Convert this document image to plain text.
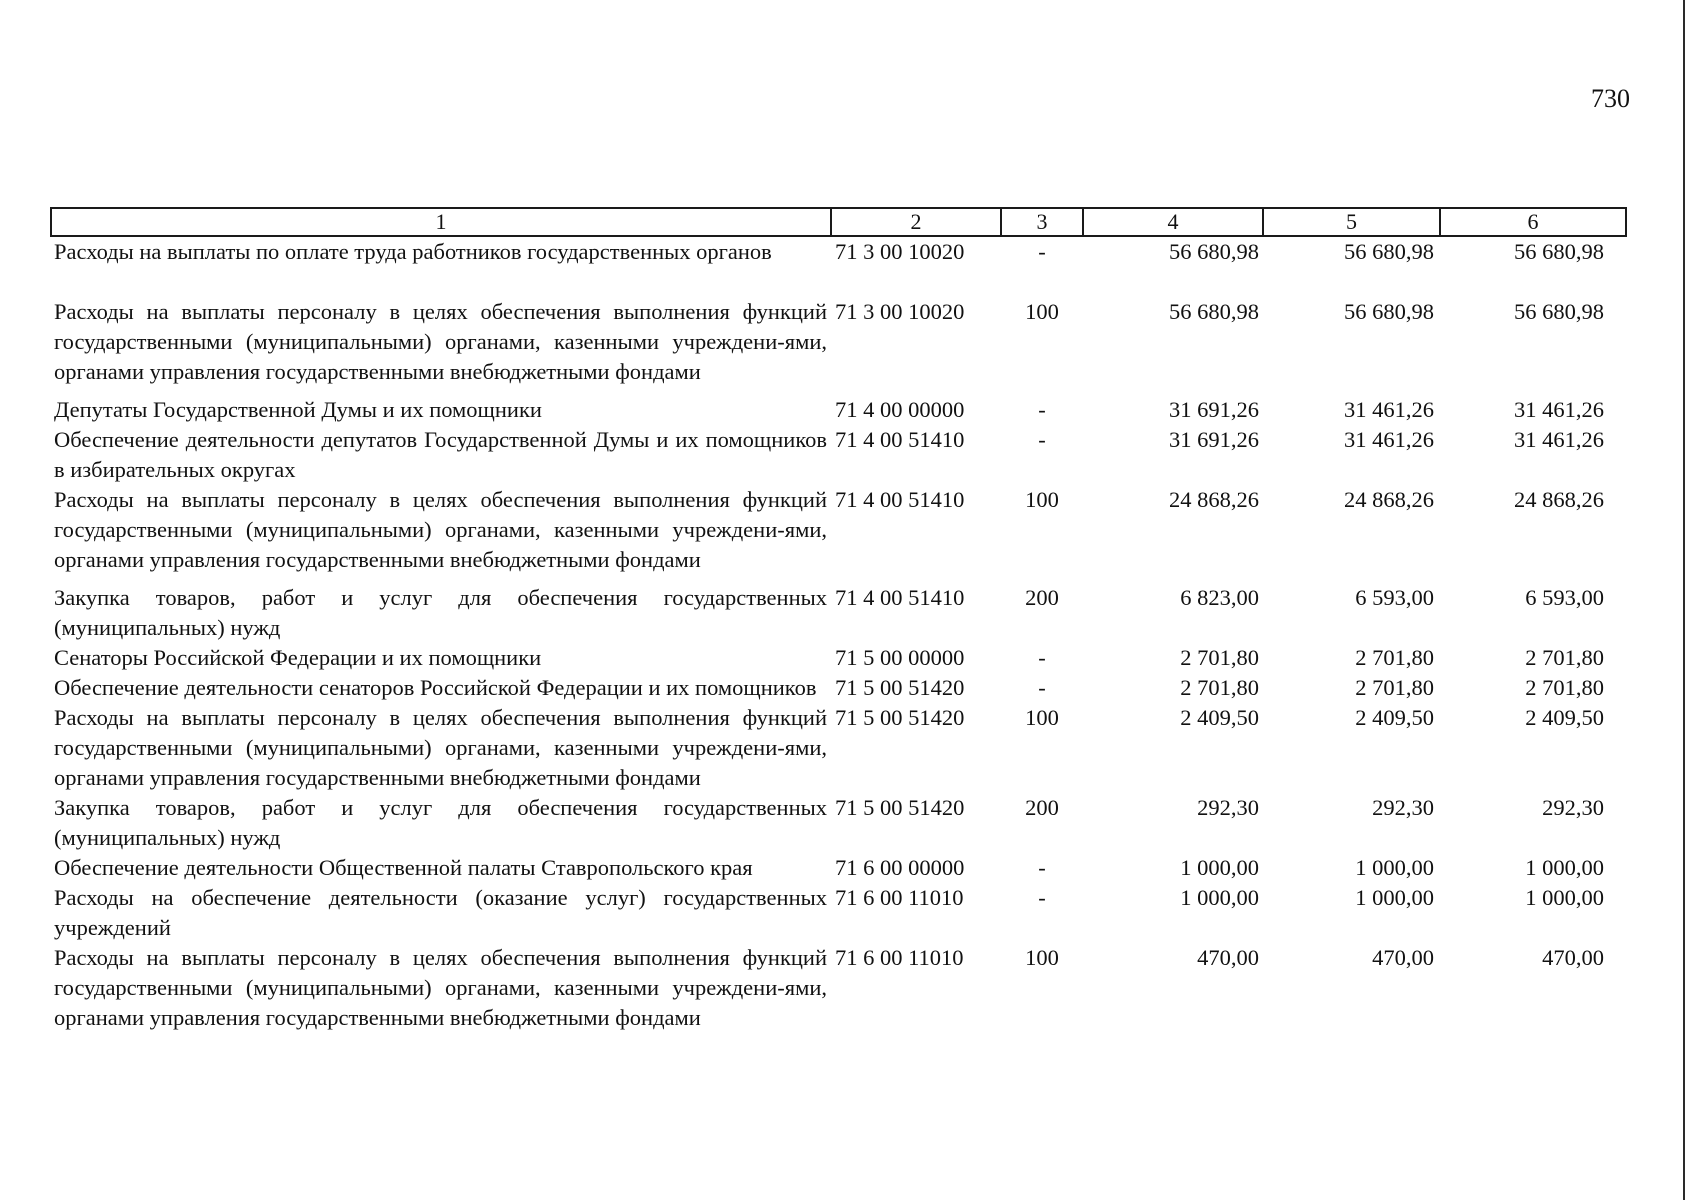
730
1	2	3	4	5	6
Расходы на выплаты по оплате труда работников государственных органов	71 3 00 10020	-	56 680,98	56 680,98	56 680,98
Расходы на выплаты персоналу в целях обеспечения выполнения функций государственными (муниципальными) органами, казенными учреждени-ями, органами управления государственными внебюджетными фондами	71 3 00 10020	100	56 680,98	56 680,98	56 680,98
Депутаты Государственной Думы и их помощники	71 4 00 00000	-	31 691,26	31 461,26	31 461,26
Обеспечение деятельности депутатов Государственной Думы и их помощников в избирательных округах	71 4 00 51410	-	31 691,26	31 461,26	31 461,26
Расходы на выплаты персоналу в целях обеспечения выполнения функций государственными (муниципальными) органами, казенными учреждени-ями, органами управления государственными внебюджетными фондами	71 4 00 51410	100	24 868,26	24 868,26	24 868,26
Закупка товаров, работ и услуг для обеспечения государственных (муниципальных) нужд	71 4 00 51410	200	6 823,00	6 593,00	6 593,00
Сенаторы Российской Федерации и их помощники	71 5 00 00000	-	2 701,80	2 701,80	2 701,80
Обеспечение деятельности сенаторов Российской Федерации и их помощников	71 5 00 51420	-	2 701,80	2 701,80	2 701,80
Расходы на выплаты персоналу в целях обеспечения выполнения функций государственными (муниципальными) органами, казенными учреждени-ями, органами управления государственными внебюджетными фондами	71 5 00 51420	100	2 409,50	2 409,50	2 409,50
Закупка товаров, работ и услуг для обеспечения государственных (муниципальных) нужд	71 5 00 51420	200	292,30	292,30	292,30
Обеспечение деятельности Общественной палаты Ставропольского края	71 6 00 00000	-	1 000,00	1 000,00	1 000,00
Расходы на обеспечение деятельности (оказание услуг) государственных учреждений	71 6 00 11010	-	1 000,00	1 000,00	1 000,00
Расходы на выплаты персоналу в целях обеспечения выполнения функций государственными (муниципальными) органами, казенными учреждени-ями, органами управления государственными внебюджетными фондами	71 6 00 11010	100	470,00	470,00	470,00
